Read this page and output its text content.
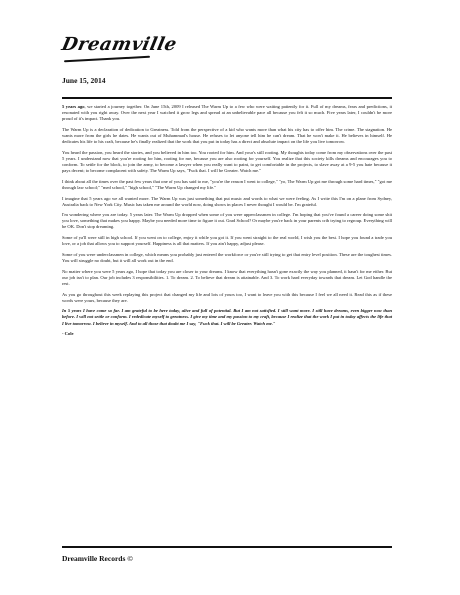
Dreamville
June 15, 2014

5 years ago, we started a journey together. On June 15th, 2009 I released The Warm Up to a few who were waiting patiently for it. Full of my dreams, fears and predictions, it resonated with you right away. Over the next year I watched it grow legs and spread at an unbelievable pace all because you felt it so much. Five years later, I couldn't be more proud of it's impact. Thank you.

The Warm Up is a declaration of dedication to Greatness. Told from the perspective of a kid who wants more than what his city has to offer him. The crime. The stagnation. He wants more from the girls he dates. He wants out of Muhammad's house. He refuses to let anyone tell him he can't dream. That he won't make it. He believes in himself. He dedicates his life to his craft, because he's finally realized that the work that you put in today has a direct and absolute impact on the life you live tomorrow.

You heard the passion, you heard the stories, and you believed in him too. You rooted for him. And your's still rooting. My thoughts today come from my observations over the past 5 years. I understand now that you're rooting for him, rooting for me, because you are also rooting for yourself. You realize that this society kills dreams and encourages you to conform. To settle for the block, to join the army, to become a lawyer when you really want to paint, to get comfortable in the projects, to slave away at a 9-5 you hate because it pays decent; to become complacent with safety. The Warm Up says, "Fuck that. I will be Greater. Watch me."

I think about all the times over the past few years that one of you has said to me, "you're the reason I went to college," "yo, The Warm Up got me through some hard times," "got me through law school;" "med school," "high school," "The Warm Up changed my life."

I imagine that 5 years ago we all wanted more. The Warm Up was just something that put music and words to what we were feeling. As I write this I'm on a plane from Sydney, Australia back to New York City. Music has taken me around the world now, doing shows in places I never thought I would be. I'm grateful.

I'm wondering where you are today. 5 years later. The Warm Up dropped when some of you were upperclassmen in college. I'm hoping that you've found a career doing some shit you love, something that makes you happy. Maybe you needed more time to figure it out. Grad School? Or maybe you're back in your parents crib trying to regroup. Everything will be OK. Don't stop dreaming.

Some of ya'll were still in high school. If you went on to college, enjoy it while you got it. If you went straight to the real world, I wish you the best. I hope you found a trade you love, or a job that allows you to support yourself. Happiness is all that matters. If you ain't happy, adjust please.

Some of you were underclassmen in college, which means you probably just entered the workforce or you're still trying to get that entry level position. These are the toughest times. You will struggle no doubt, but it will all work out in the end.

No matter where you were 5 years ago, I hope that today you are closer to your dreams. I know that everything hasn't gone exactly the way you planned, it hasn't for me either. But our job isn't to plan. Our job includes 3 responsibilities. 1. To dream. 2. To believe that dream is attainable. And 3. To work hard everyday towards that dream. Let God handle the rest.

As you go throughout this week replaying this project that changed my life and lots of yours too, I want to leave you with this because I feel we all need it. Read this as if these words were yours, because they are.

In 5 years I have come so far. I am grateful to be here today, alive and full of potential. But I am not satisfied. I still want more. I still have dreams, even bigger now than before. I will not settle or conform. I rededicate myself to greatness. I give my time and my passion to my craft, because I realize that the work I put in today affects the life that I live tomorrow. I believe in myself. And to all those that doubt me I say, "Fuck that. I will be Greater. Watch me."

- Cole

Dreamville Records ©
